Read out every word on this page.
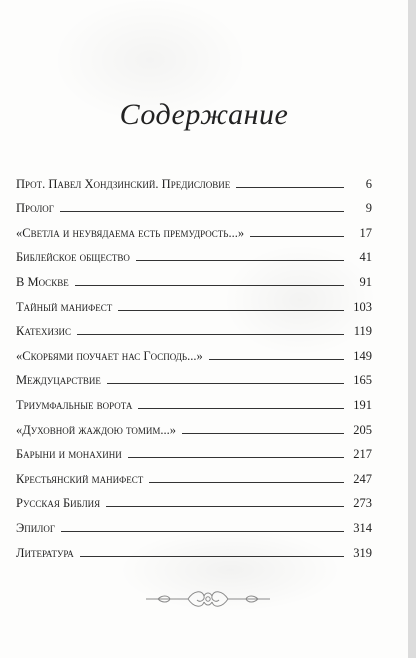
Содержание
Прот. Павел Хондзинский. Предисловие	6
Пролог	9
«Светла и неувядаема есть премудрость...»	17
Библейское общество	41
В Москве	91
Тайный манифест	103
Катехизис	119
«Скорбями поучает нас Господь...»	149
Междуцарствие	165
Триумфальные ворота	191
«Духовной жаждою томим...»	205
Барыни и монахини	217
Крестьянский манифест	247
Русская Библия	273
Эпилог	314
Литература	319
